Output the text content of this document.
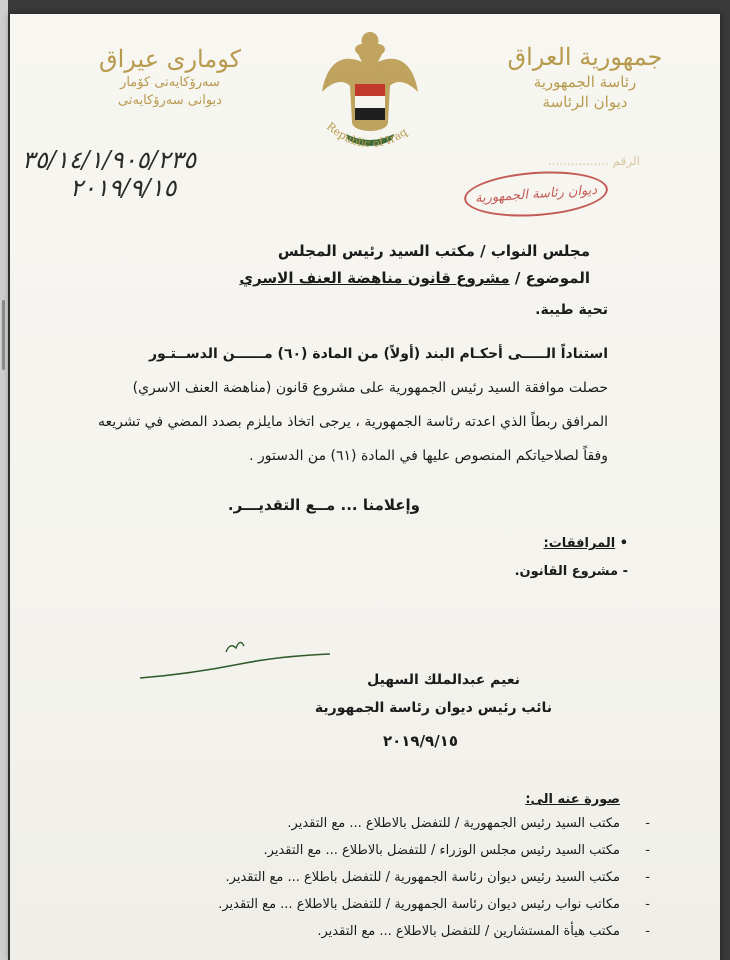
جمهورية العراق
رئاسة الجمهورية
ديوان الرئاسة
كومارى عيراق
سەرۆكايەتى كۆمار
ديوانى سەرۆكايەتى
Republic of Iraq
الرقم ................
ديوان رئاسة الجمهورية
٣٥/١٤/١/٩٠٥/٢٣٥
٢٠١٩/٩/١٥
مجلس النواب / مكتب السيد رئيس المجلس
الموضوع / مشروع قانون مناهضة العنف الاسري
تحية طيبة.
استناداً الـــــى أحكـام البند (أولاً) من المادة (٦٠) مــــــن الدســتـور
حصلت موافقة السيد رئيس الجمهورية على مشروع قانون (مناهضة العنف الاسري)
المرافق ربطاً الذي اعدته رئاسة الجمهورية ، يرجى اتخاذ مايلزم بصدد المضي في تشريعه
وفقاً لصلاحياتكم المنصوص عليها في المادة (٦١) من الدستور .
وإعلامنا ... مــع التقديـــر.
• المرافقات:
- مشروع القانون.
نعيم عبدالملك السهيل
نائب رئيس ديوان رئاسة الجمهورية
٢٠١٩/٩/١٥
صورة عنه الى:
-
مكتب السيد رئيس الجمهورية / للتفضل بالاطلاع ... مع التقدير.
-
مكتب السيد رئيس مجلس الوزراء / للتفضل بالاطلاع ... مع التقدير.
-
مكتب السيد رئيس ديوان رئاسة الجمهورية / للتفضل باطلاع ... مع التقدير.
-
مكاتب نواب رئيس ديوان رئاسة الجمهورية / للتفضل بالاطلاع ... مع التقدير.
-
مكتب هيأة المستشارين / للتفضل بالاطلاع ... مع التقدير.
